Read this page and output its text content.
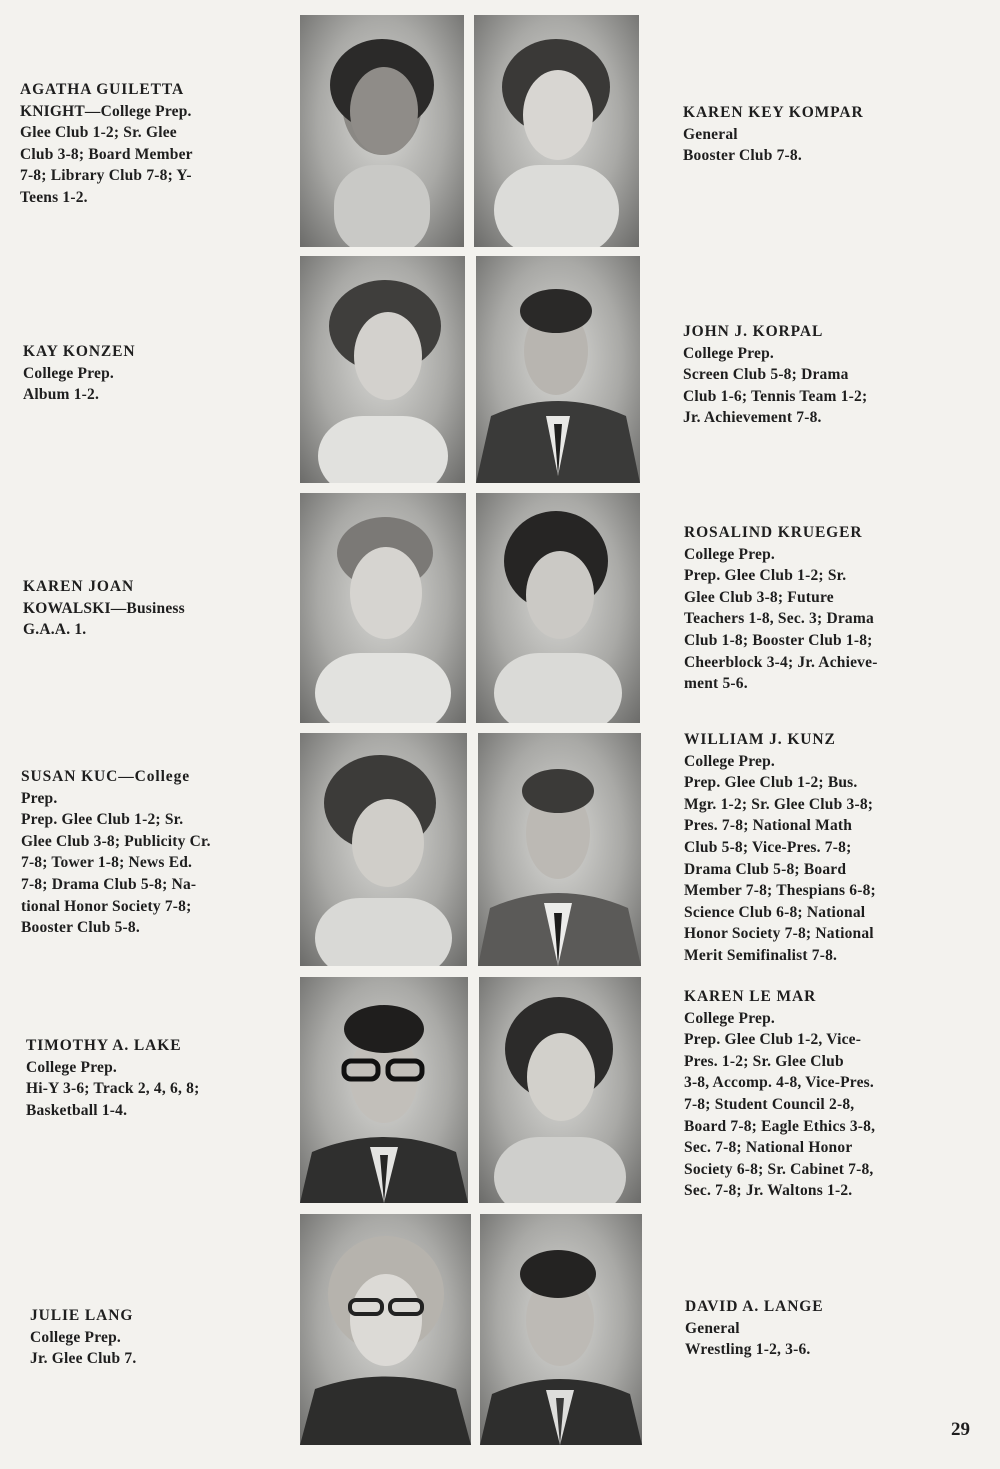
AGATHA GUILETTA
KNIGHT—College Prep.
Glee Club 1-2; Sr. Glee
Club 3-8; Board Member
7-8; Library Club 7-8; Y-
Teens 1-2.
KAY KONZEN
College Prep.
Album 1-2.
KAREN JOAN
KOWALSKI—Business
G.A.A. 1.
SUSAN KUC—College
Prep.
Prep. Glee Club 1-2; Sr.
Glee Club 3-8; Publicity Cr.
7-8; Tower 1-8; News Ed.
7-8; Drama Club 5-8; Na-
tional Honor Society 7-8;
Booster Club 5-8.
TIMOTHY A. LAKE
College Prep.
Hi-Y 3-6; Track 2, 4, 6, 8;
Basketball 1-4.
JULIE LANG
College Prep.
Jr. Glee Club 7.
KAREN KEY KOMPAR
General
Booster Club 7-8.
JOHN J. KORPAL
College Prep.
Screen Club 5-8; Drama
Club 1-6; Tennis Team 1-2;
Jr. Achievement 7-8.
ROSALIND KRUEGER
College Prep.
Prep. Glee Club 1-2; Sr.
Glee Club 3-8; Future
Teachers 1-8, Sec. 3; Drama
Club 1-8; Booster Club 1-8;
Cheerblock 3-4; Jr. Achieve-
ment 5-6.
WILLIAM J. KUNZ
College Prep.
Prep. Glee Club 1-2; Bus.
Mgr. 1-2; Sr. Glee Club 3-8;
Pres. 7-8; National Math
Club 5-8; Vice-Pres. 7-8;
Drama Club 5-8; Board
Member 7-8; Thespians 6-8;
Science Club 6-8; National
Honor Society 7-8; National
Merit Semifinalist 7-8.
KAREN LE MAR
College Prep.
Prep. Glee Club 1-2, Vice-
Pres. 1-2; Sr. Glee Club
3-8, Accomp. 4-8, Vice-Pres.
7-8; Student Council 2-8,
Board 7-8; Eagle Ethics 3-8,
Sec. 7-8; National Honor
Society 6-8; Sr. Cabinet 7-8,
Sec. 7-8; Jr. Waltons 1-2.
DAVID A. LANGE
General
Wrestling 1-2, 3-6.
29
